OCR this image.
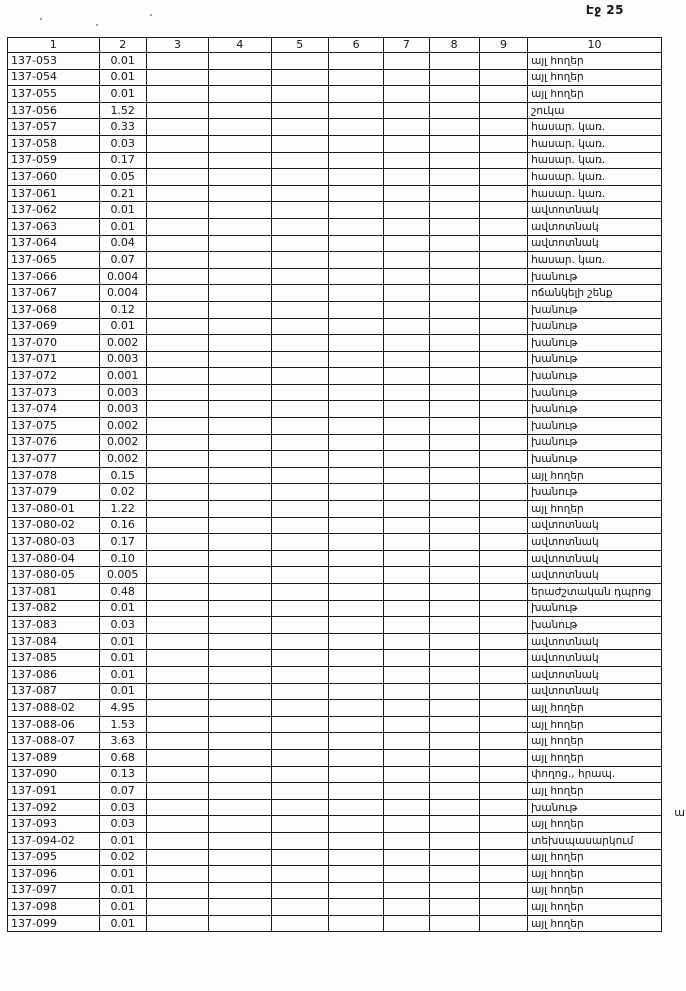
Էջ 25
1	2	3	4	5	6	7	8	9	10
137-053	0.01								այլ հողեր
137-054	0.01								այլ հողեր
137-055	0.01								այլ հողեր
137-056	1.52								շուկա
137-057	0.33								հասար. կառ.
137-058	0.03								հասար. կառ.
137-059	0.17								հասար. կառ.
137-060	0.05								հասար. կառ.
137-061	0.21								հասար. կառ.
137-062	0.01								ավտոտնակ
137-063	0.01								ավտոտնակ
137-064	0.04								ավտոտնակ
137-065	0.07								հասար. կառ.
137-066	0.004								խանութ
137-067	0.004								ոճանկելի շենք
137-068	0.12								խանութ
137-069	0.01								խանութ
137-070	0.002								խանութ
137-071	0.003								խանութ
137-072	0.001								խանութ
137-073	0.003								խանութ
137-074	0.003								խանութ
137-075	0.002								խանութ
137-076	0.002								խանութ
137-077	0.002								խանութ
137-078	0.15								այլ հողեր
137-079	0.02								խանութ
137-080-01	1.22								այլ հողեր
137-080-02	0.16								ավտոտնակ
137-080-03	0.17								ավտոտնակ
137-080-04	0.10								ավտոտնակ
137-080-05	0.005								ավտոտնակ
137-081	0.48								երաժշտական դպրոց
137-082	0.01								խանութ
137-083	0.03								խանութ
137-084	0.01								ավտոտնակ
137-085	0.01								ավտոտնակ
137-086	0.01								ավտոտնակ
137-087	0.01								ավտոտնակ
137-088-02	4.95								այլ հողեր
137-088-06	1.53								այլ հողեր
137-088-07	3.63								այլ հողեր
137-089	0.68								այլ հողեր
137-090	0.13								փողոց., հրապ.
137-091	0.07								այլ հողեր
137-092	0.03								խանութ
137-093	0.03								այլ հողեր
137-094-02	0.01								տեխսպասարկում
137-095	0.02								այլ հողեր
137-096	0.01								այլ հողեր
137-097	0.01								այլ հողեր
137-098	0.01								այլ հողեր
137-099	0.01								այլ հողեր
ա
